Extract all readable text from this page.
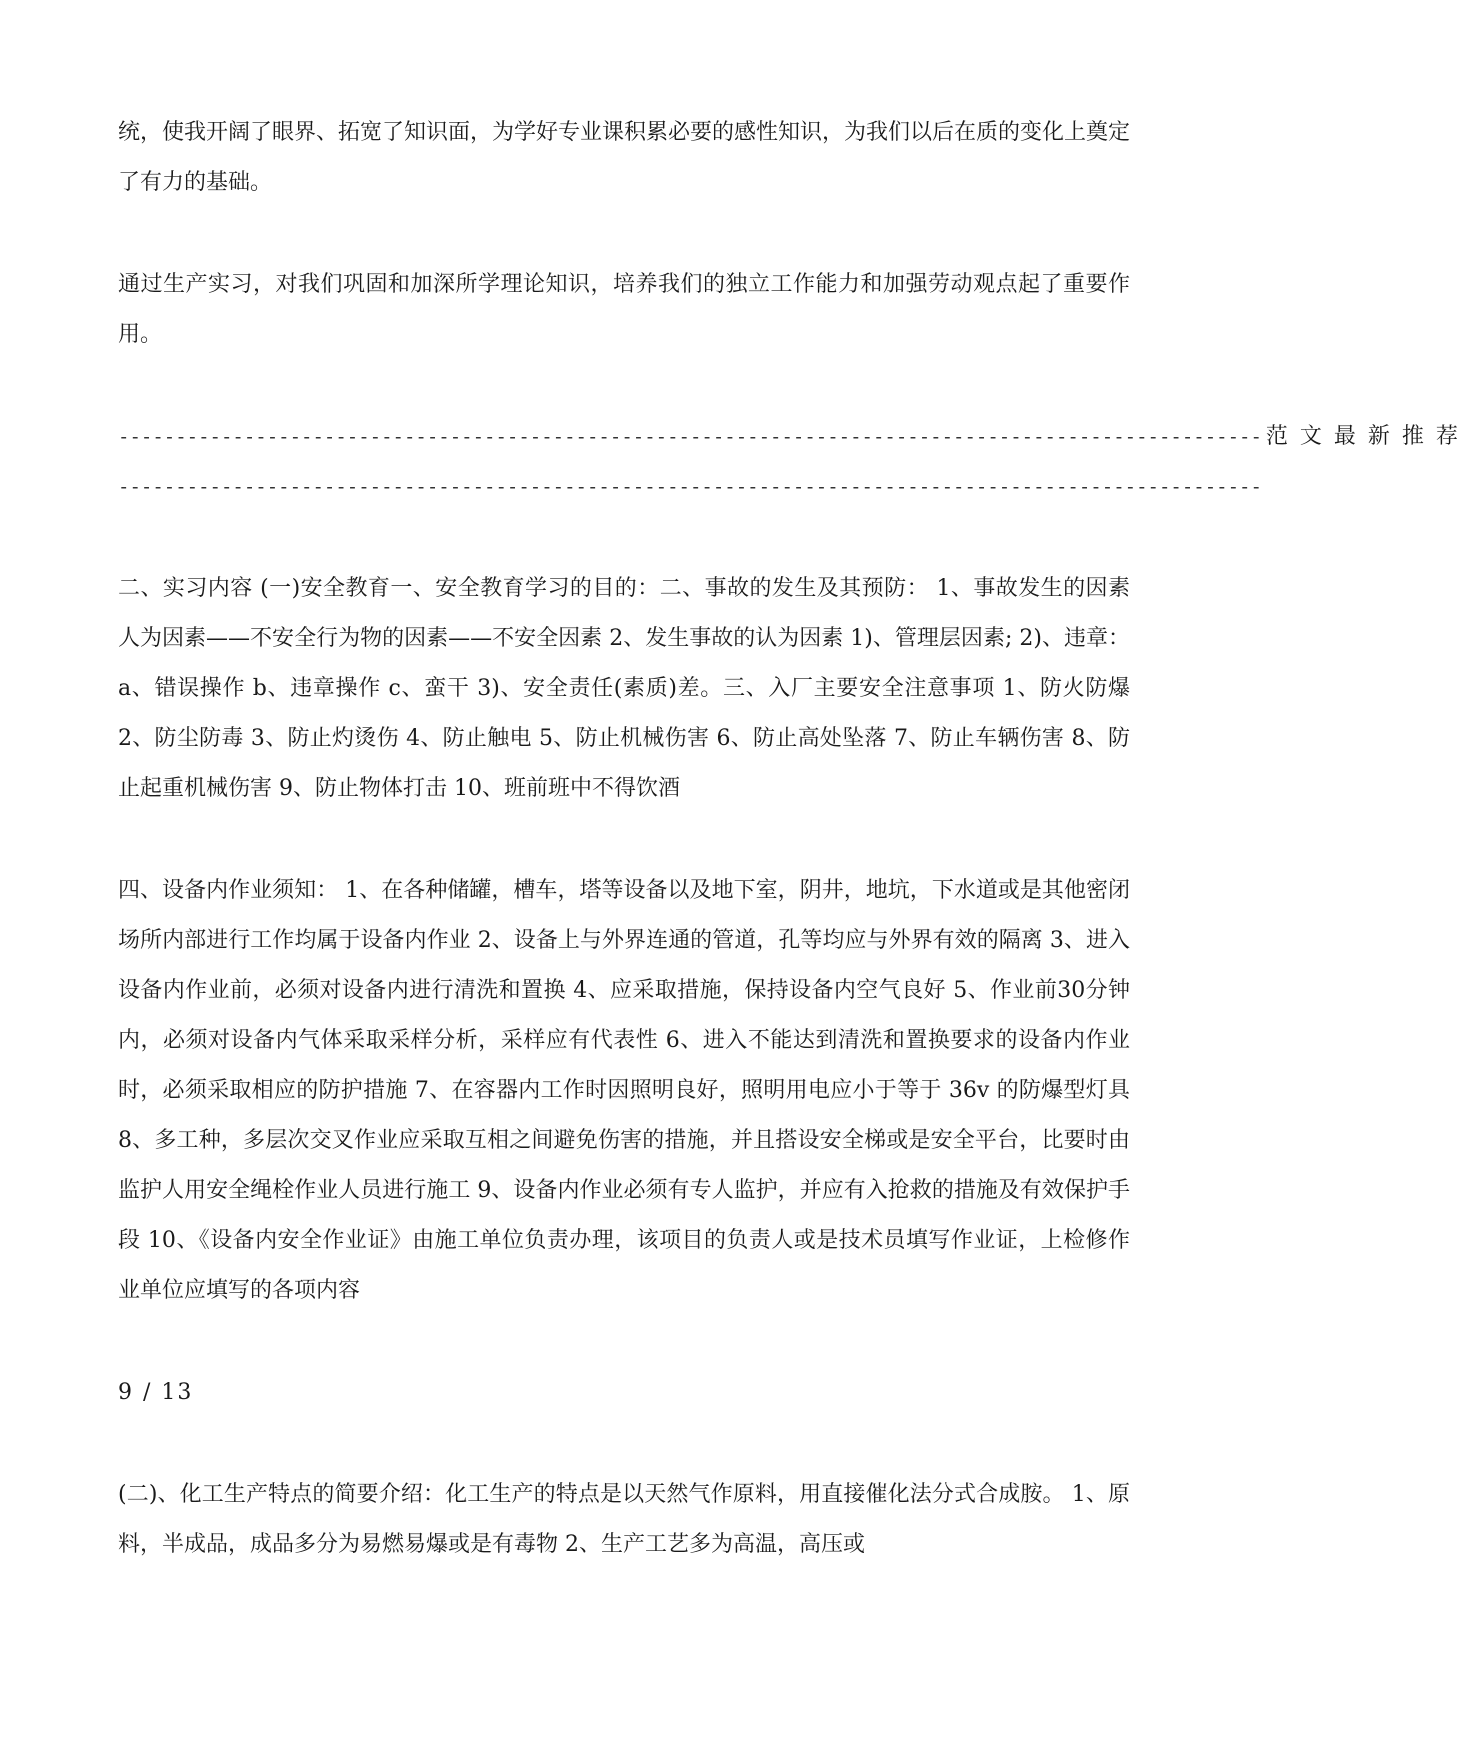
统，使我开阔了眼界、拓宽了知识面，为学好专业课积累必要的感性知识，为我们以后在质的变化上奠定了有力的基础。

通过生产实习，对我们巩固和加深所学理论知识，培养我们的独立工作能力和加强劳动观点起了重要作用。

---------------------------------------------------------------------------------------------------- 范文最新推荐
----------------------------------------------------------------------------------------------------

二、实习内容 (一)安全教育一、安全教育学习的目的：二、事故的发生及其预防： 1、事故发生的因素人为因素——不安全行为物的因素——不安全因素 2、发生事故的认为因素 1)、管理层因素; 2)、违章： a、错误操作 b、违章操作 c、蛮干 3)、安全责任(素质)差。三、入厂主要安全注意事项 1、防火防爆 2、防尘防毒 3、防止灼烫伤 4、防止触电 5、防止机械伤害 6、防止高处坠落 7、防止车辆伤害 8、防止起重机械伤害 9、防止物体打击 10、班前班中不得饮酒

四、设备内作业须知： 1、在各种储罐，槽车，塔等设备以及地下室，阴井，地坑，下水道或是其他密闭场所内部进行工作均属于设备内作业 2、设备上与外界连通的管道，孔等均应与外界有效的隔离 3、进入设备内作业前，必须对设备内进行清洗和置换 4、应采取措施，保持设备内空气良好 5、作业前30分钟内，必须对设备内气体采取采样分析，采样应有代表性 6、进入不能达到清洗和置换要求的设备内作业时，必须采取相应的防护措施 7、在容器内工作时因照明良好，照明用电应小于等于 36v 的防爆型灯具 8、多工种，多层次交叉作业应采取互相之间避免伤害的措施，并且搭设安全梯或是安全平台，比要时由监护人用安全绳栓作业人员进行施工 9、设备内作业必须有专人监护，并应有入抢救的措施及有效保护手段 10、《设备内安全作业证》由施工单位负责办理，该项目的负责人或是技术员填写作业证，上检修作业单位应填写的各项内容

9 / 13

(二)、化工生产特点的简要介绍：化工生产的特点是以天然气作原料，用直接催化法分式合成胺。 1、原料，半成品，成品多分为易燃易爆或是有毒物 2、生产工艺多为高温，高压或
